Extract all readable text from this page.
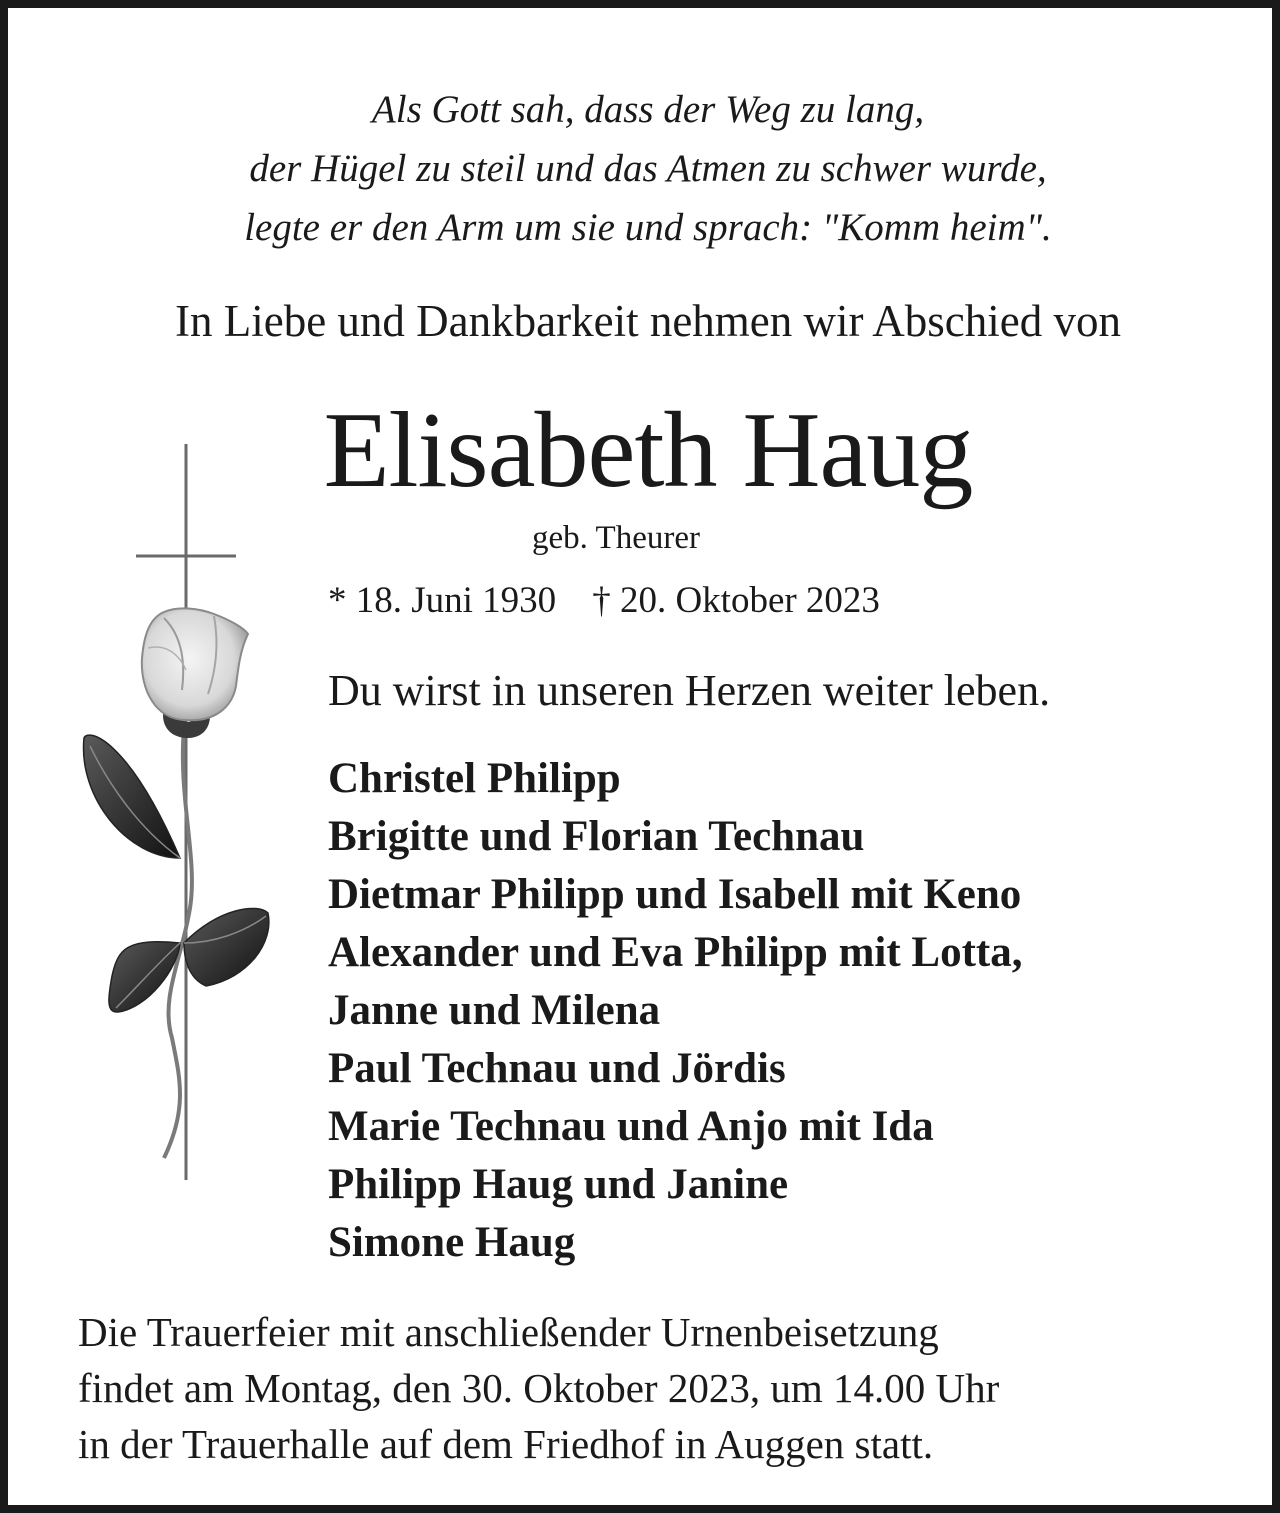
Als Gott sah, dass der Weg zu lang,
der Hügel zu steil und das Atmen zu schwer wurde,
legte er den Arm um sie und sprach: "Komm heim".
In Liebe und Dankbarkeit nehmen wir Abschied von
Elisabeth Haug
geb. Theurer
* 18. Juni 1930 † 20. Oktober 2023
Du wirst in unseren Herzen weiter leben.
Christel Philipp
Brigitte und Florian Technau
Dietmar Philipp und Isabell mit Keno
Alexander und Eva Philipp mit Lotta,
Janne und Milena
Paul Technau und Jördis
Marie Technau und Anjo mit Ida
Philipp Haug und Janine
Simone Haug
Die Trauerfeier mit anschließender Urnenbeisetzung
findet am Montag, den 30. Oktober 2023, um 14.00 Uhr
in der Trauerhalle auf dem Friedhof in Auggen statt.
